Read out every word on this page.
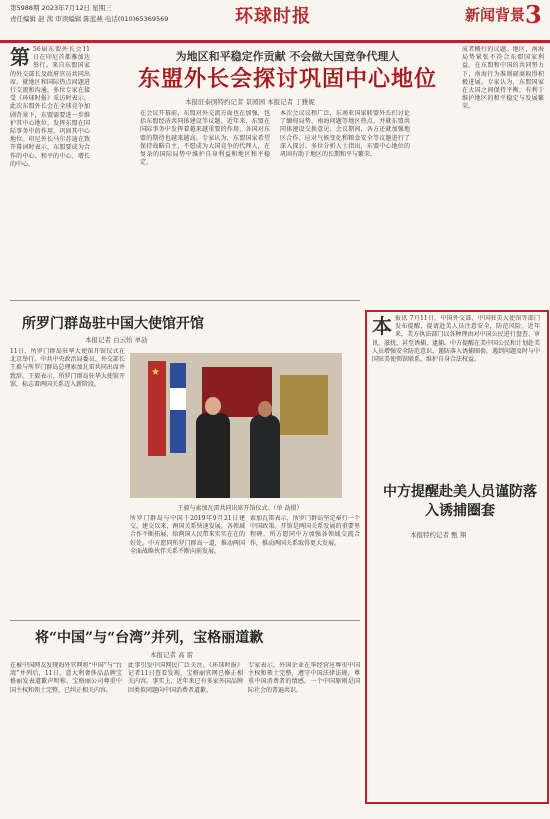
第5988期 2023年7月12日 星期三
责任编辑 赵 茜 审读编辑 陈蓝燕 电话(010)65369569	环球时报	新闻背景 3
为地区和平稳定作贡献 不会做大国竞争代理人
东盟外长会探讨巩固中心地位
本报驻泰国特约记者 景园园 本报记者 丁雅妮
第 56届东盟外长会11日在印尼首都雅加达举行。来自东盟国家的外交部长及政府官员共同出席。就地区和国际热点问题进行交流和沟通，多位专家在接受《环球时报》采访时表示，此次东盟外长会在全球竞争加剧背景下，东盟需要进一步维护其中心地位，发挥东盟在国际事务中的作用，巩固其中心地位。印尼外长马尔苏迪在致开幕词时表示，东盟要成为合作的中心、和平的中心、增长的中心。

在会议开幕前，东盟对外交流方面也在加强，包括东盟经济共同体建设等议题。近年来，东盟在国际事务中发挥着越来越重要的作用，各国对东盟的期待也越来越高。专家认为，东盟国家希望保持战略自主，不愿成为大国竞争的代理人，在复杂的国际局势中维护自身利益和地区和平稳定。

本次会议议程广泛，东南亚国家联盟外长们讨论了缅甸局势、南海问题等地区热点，并就东盟共同体建设交换意见。会议期间，各方还就加强地区合作、应对气候变化和粮食安全等议题进行了深入探讨。多位分析人士指出，东盟中心地位的巩固有助于地区的长期和平与繁荣。

成者概行的议题。地区，南海局势紧张不符合东盟国家利益。在东盟和中国的共同努力下，南海行为准则磋商取得积极进展。专家认为，东盟国家在大国之间保持平衡，有利于维护地区的和平稳定与发展繁荣。

所罗门群岛驻中国大使馆开馆
本报记者 白云怡 单劼

11日，所罗门群岛驻华大使馆开馆仪式在北京举行。中共中央政治局委员、外交部长王毅与所罗门群岛总理索加瓦雷共同出席并致辞。王毅表示，所罗门群岛驻华大使馆开馆，标志着两国关系迈入新阶段。

所罗门群岛与中国于2019年9月21日建交。建交以来，两国关系快速发展，各领域合作不断拓展，给两国人民带来实实在在的好处。中方愿同所罗门群岛一道，推动两国全面战略伙伴关系不断向前发展。

索加瓦雷表示，所罗门群岛坚定奉行一个中国政策。开馆是两国关系发展的重要里程碑。所方愿同中方加强各领域交流合作，推动两国关系取得更大发展。

★
王毅与索加瓦雷共同出席开馆仪式。（单 劼摄）
本 报讯 7月11日，中国外交部、中国驻美大使馆等部门发布提醒，提请赴美人员注意安全，防范风险。近年来，美方执法部门以各种理由对中国公民进行盘查、审讯、滋扰，甚至诱捕、逮捕。中方提醒在美中国公民和计划赴美人员增强安全防范意识，谨防落入诱捕圈套，遇到问题及时与中国驻美使领馆联系，维护自身合法权益。

中方提醒赴美人员谨防落入诱捕圈套
本报特约记者 甄 翔
将“中国”与“台湾”并列，宝格丽道歉
本报记者 高 雷

在被中国网友发现海外官网将“中国”与“台湾”并列后，11日，意大利奢侈品品牌宝格丽发表道歉声明称，宝格丽公司尊重中国主权和领土完整，已纠正相关内容。

此事引发中国网民广泛关注。《环球时报》记者11日查看发现，宝格丽官网已修正相关内容。事实上，近年来已有多家外国品牌因类似问题向中国消费者道歉。

专家表示，外国企业在华经营应尊重中国主权和领土完整，遵守中国法律法规，尊重中国消费者的情感。一个中国原则是国际社会的普遍共识。
